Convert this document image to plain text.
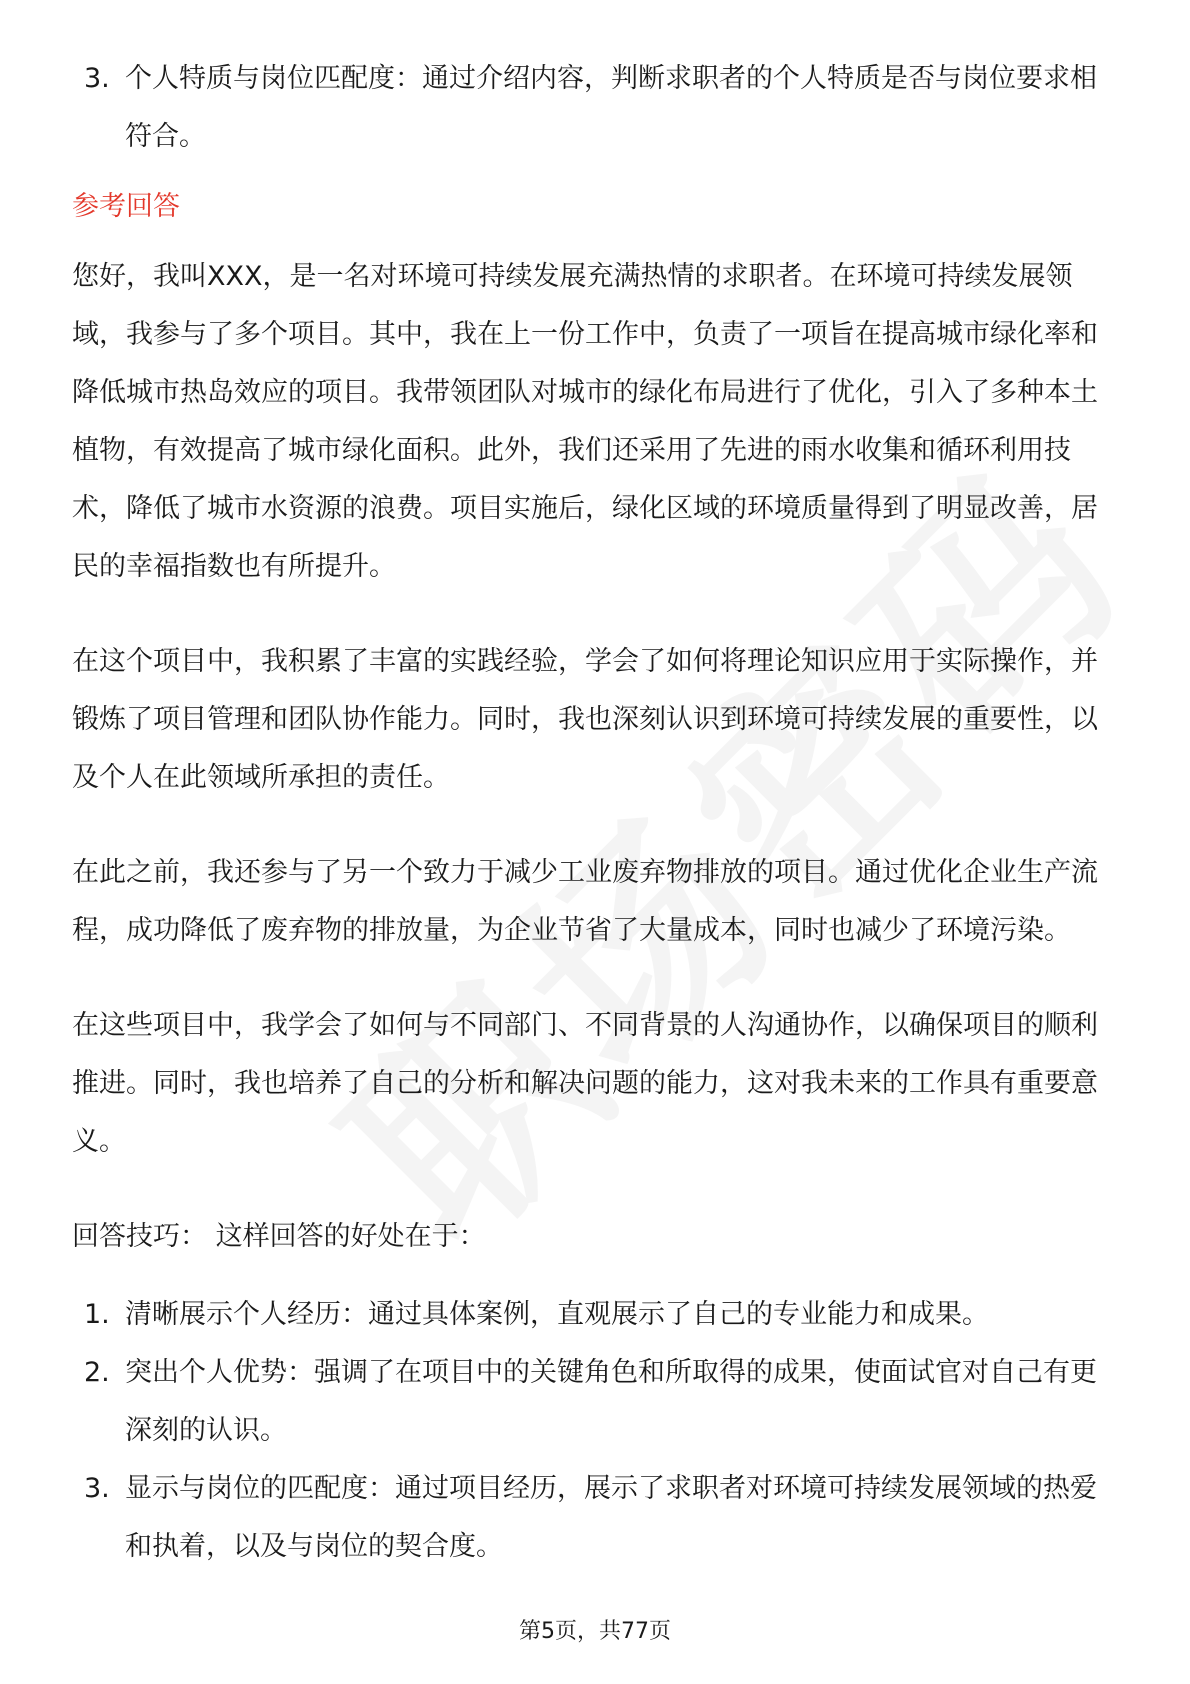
3. 个人特质与岗位匹配度：通过介绍内容，判断求职者的个人特质是否与岗位要求相符合。
参考回答

您好，我叫XXX，是一名对环境可持续发展充满热情的求职者。在环境可持续发展领域，我参与了多个项目。其中，我在上一份工作中，负责了一项旨在提高城市绿化率和降低城市热岛效应的项目。我带领团队对城市的绿化布局进行了优化，引入了多种本土植物，有效提高了城市绿化面积。此外，我们还采用了先进的雨水收集和循环利用技术，降低了城市水资源的浪费。项目实施后，绿化区域的环境质量得到了明显改善，居民的幸福指数也有所提升。

在这个项目中，我积累了丰富的实践经验，学会了如何将理论知识应用于实际操作，并锻炼了项目管理和团队协作能力。同时，我也深刻认识到环境可持续发展的重要性，以及个人在此领域所承担的责任。

在此之前，我还参与了另一个致力于减少工业废弃物排放的项目。通过优化企业生产流程，成功降低了废弃物的排放量，为企业节省了大量成本，同时也减少了环境污染。

在这些项目中，我学会了如何与不同部门、不同背景的人沟通协作，以确保项目的顺利推进。同时，我也培养了自己的分析和解决问题的能力，这对我未来的工作具有重要意义。

回答技巧： 这样回答的好处在于：

1. 清晰展示个人经历：通过具体案例，直观展示了自己的专业能力和成果。
2. 突出个人优势：强调了在项目中的关键角色和所取得的成果，使面试官对自己有更深刻的认识。
3. 显示与岗位的匹配度：通过项目经历，展示了求职者对环境可持续发展领域的热爱和执着，以及与岗位的契合度。
第5页，共77页
